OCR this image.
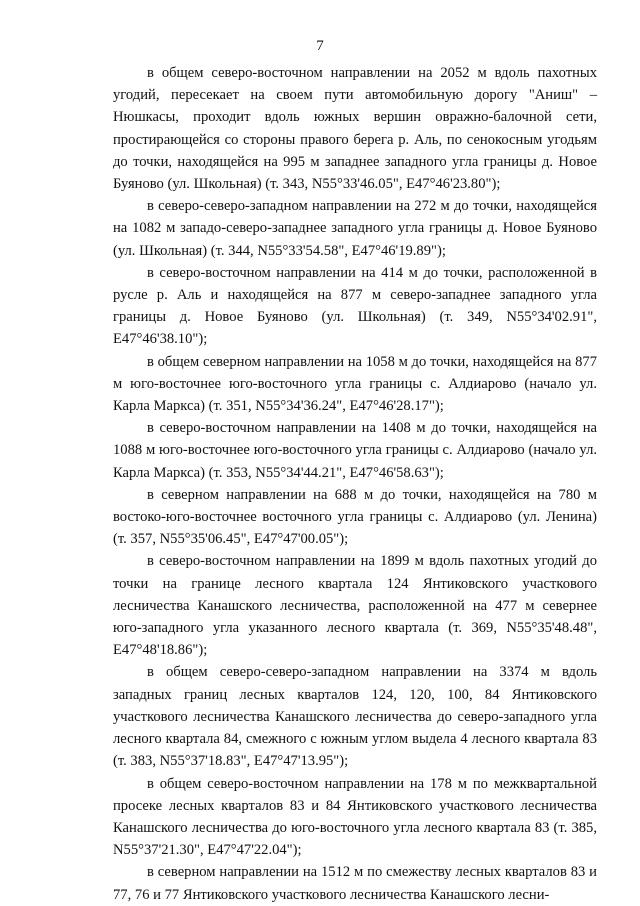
7

в общем северо-восточном направлении на 2052 м вдоль пахотных угодий, пересекает на своем пути автомобильную дорогу "Аниш" – Нюшкасы, проходит вдоль южных вершин овражно-балочной сети, простирающейся со стороны правого берега р. Аль, по сенокосным угодьям до точки, находящейся на 995 м западнее западного угла границы д. Новое Буяново (ул. Школьная) (т. 343, N55°33'46.05", E47°46'23.80");

в северо-северо-западном направлении на 272 м до точки, находящейся на 1082 м западо-северо-западнее западного угла границы д. Новое Буяново (ул. Школьная) (т. 344, N55°33'54.58", E47°46'19.89");

в северо-восточном направлении на 414 м до точки, расположенной в русле р. Аль и находящейся на 877 м северо-западнее западного угла границы д. Новое Буяново (ул. Школьная) (т. 349, N55°34'02.91", E47°46'38.10");

в общем северном направлении на 1058 м до точки, находящейся на 877 м юго-восточнее юго-восточного угла границы с. Алдиарово (начало ул. Карла Маркса) (т. 351, N55°34'36.24", E47°46'28.17");

в северо-восточном направлении на 1408 м до точки, находящейся на 1088 м юго-восточнее юго-восточного угла границы с. Алдиарово (начало ул. Карла Маркса) (т. 353, N55°34'44.21", E47°46'58.63");

в северном направлении на 688 м до точки, находящейся на 780 м востоко-юго-восточнее восточного угла границы с. Алдиарово (ул. Ленина) (т. 357, N55°35'06.45", E47°47'00.05");

в северо-восточном направлении на 1899 м вдоль пахотных угодий до точки на границе лесного квартала 124 Янтиковского участкового лесничества Канашского лесничества, расположенной на 477 м севернее юго-западного угла указанного лесного квартала (т. 369, N55°35'48.48", E47°48'18.86");

в общем северо-северо-западном направлении на 3374 м вдоль западных границ лесных кварталов 124, 120, 100, 84 Янтиковского участкового лесничества Канашского лесничества до северо-западного угла лесного квартала 84, смежного с южным углом выдела 4 лесного квартала 83 (т. 383, N55°37'18.83", E47°47'13.95");

в общем северо-восточном направлении на 178 м по межквартальной просеке лесных кварталов 83 и 84 Янтиковского участкового лесничества Канашского лесничества до юго-восточного угла лесного квартала 83 (т. 385, N55°37'21.30", E47°47'22.04");

в северном направлении на 1512 м по смежеству лесных кварталов 83 и 77, 76 и 77 Янтиковского участкового лесничества Канашского лесни-
